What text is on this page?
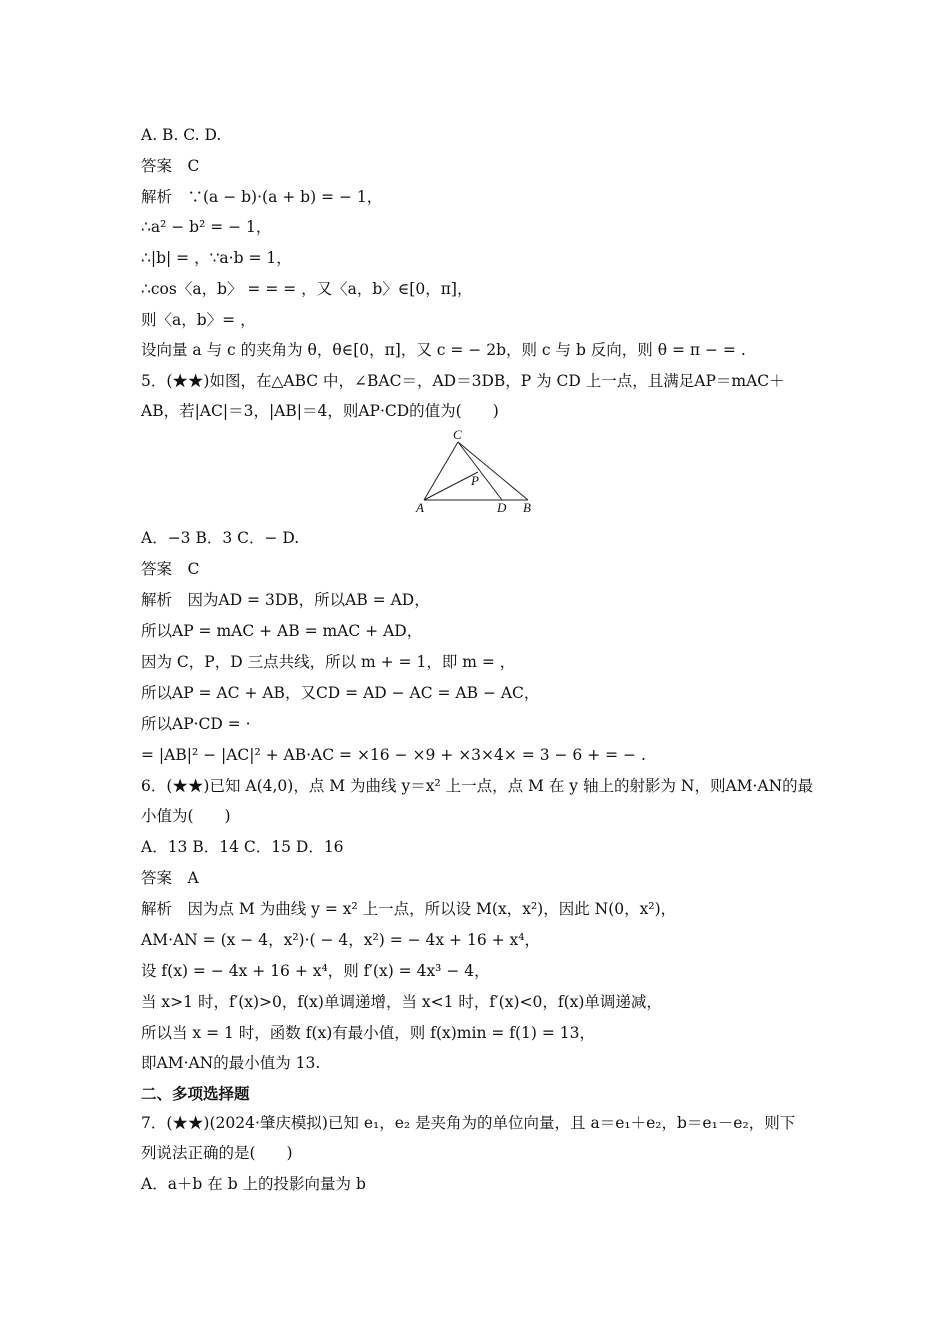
A. B. C. D.
答案　C
解析　∵(a − b)·(a + b) = − 1，
∴a² − b² = − 1，
∴|b| = ，∵a·b = 1，
∴cos〈a，b〉 = = = ，又〈a，b〉∈[0，π]，
则〈a，b〉= ，
设向量 a 与 c 的夹角为 θ，θ∈[0，π]，又 c = − 2b，则 c 与 b 反向，则 θ = π − = .
5．(★★)如图，在△ABC 中，∠BAC＝，AD＝3DB，P 为 CD 上一点，且满足AP＝mAC＋
AB，若|AC|＝3，|AB|＝4，则AP·CD的值为(　　)
C
P
A	D B
A．−3 B．3 C．− D.
答案　C
解析　因为AD = 3DB，所以AB = AD，
所以AP = mAC + AB = mAC + AD，
因为 C，P，D 三点共线，所以 m + = 1，即 m = ，
所以AP = AC + AB，又CD = AD − AC = AB − AC，
所以AP·CD = ·
= |AB|² − |AC|² + AB·AC = ×16 − ×9 + ×3×4× = 3 − 6 + = − .
6．(★★)已知 A(4,0)，点 M 为曲线 y＝x² 上一点，点 M 在 y 轴上的射影为 N，则AM·AN的最
小值为(　　)
A．13 B．14 C．15 D．16
答案　A
解析　因为点 M 为曲线 y = x² 上一点，所以设 M(x，x²)，因此 N(0，x²)，
AM·AN = (x − 4，x²)·( − 4，x²) = − 4x + 16 + x⁴，
设 f(x) = − 4x + 16 + x⁴，则 f′(x) = 4x³ − 4，
当 x>1 时，f′(x)>0，f(x)单调递增，当 x<1 时，f′(x)<0，f(x)单调递减，
所以当 x = 1 时，函数 f(x)有最小值，则 f(x)min = f(1) = 13，
即AM·AN的最小值为 13.
二、多项选择题
7．(★★)(2024·肇庆模拟)已知 e₁，e₂ 是夹角为的单位向量，且 a＝e₁＋e₂，b＝e₁－e₂，则下
列说法正确的是(　　)
A．a＋b 在 b 上的投影向量为 b
